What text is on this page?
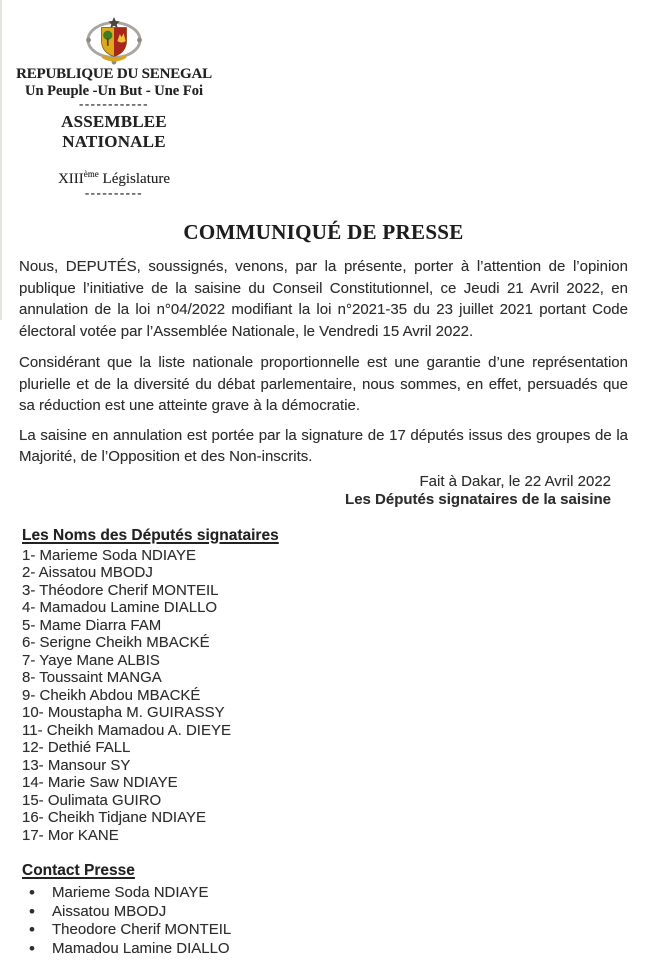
REPUBLIQUE DU SENEGAL
Un Peuple -Un But - Une Foi
------------
ASSEMBLEE NATIONALE
XIIIème Législature
----------
COMMUNIQUÉ DE PRESSE

Nous, DEPUTÉS, soussignés, venons, par la présente, porter à l’attention de l’opinion publique l’initiative de la saisine du Conseil Constitutionnel, ce Jeudi 21 Avril 2022, en annulation de la loi n°04/2022 modifiant la loi n°2021-35 du 23 juillet 2021 portant Code électoral votée par l’Assemblée Nationale, le Vendredi 15 Avril 2022.

Considérant que la liste nationale proportionnelle est une garantie d’une représentation plurielle et de la diversité du débat parlementaire, nous sommes, en effet, persuadés que sa réduction est une atteinte grave à la démocratie.

La saisine en annulation est portée par la signature de 17 députés issus des groupes de la Majorité, de l’Opposition et des Non-inscrits.

Fait à Dakar, le 22 Avril 2022
Les Députés signataires de la saisine
Les Noms des Députés signataires
1- Marieme Soda NDIAYE
2- Aissatou MBODJ
3- Théodore Cherif MONTEIL
4- Mamadou Lamine DIALLO
5- Mame Diarra FAM
6- Serigne Cheikh MBACKÉ
7- Yaye Mane ALBIS
8- Toussaint MANGA
9- Cheikh Abdou MBACKÉ
10- Moustapha M. GUIRASSY
11- Cheikh Mamadou A. DIEYE
12- Dethié FALL
13- Mansour SY
14- Marie Saw NDIAYE
15- Oulimata GUIRO
16- Cheikh Tidjane NDIAYE
17- Mor KANE
Contact Presse
• Marieme Soda NDIAYE
• Aissatou MBODJ
• Theodore Cherif MONTEIL
• Mamadou Lamine DIALLO
